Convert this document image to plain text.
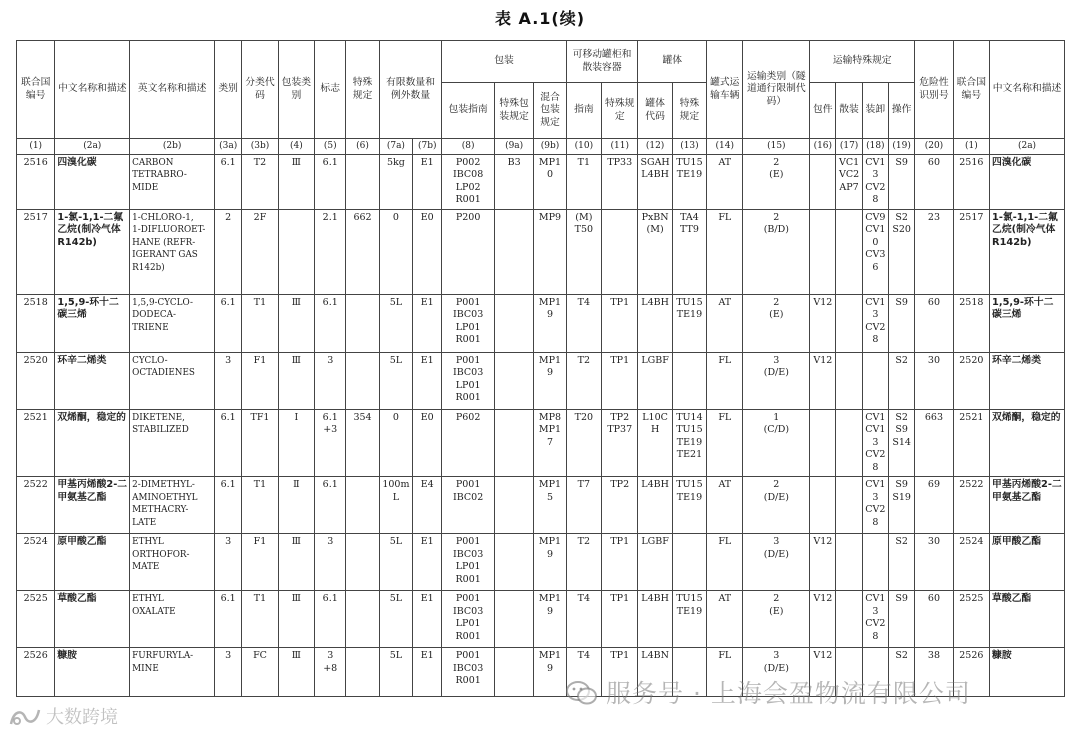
表 A.1(续)
联合国编号	中文名称和描述	英文名称和描述	类别	分类代码	包装类别	标志	特殊规定	有限数量和例外数量		包装			可移动罐柜和散装容器		罐体		罐式运输车辆	运输类别（隧道通行限制代码）	运输特殊规定				危险性识别号	联合国编号	中文名称和描述
										包装指南	特殊包装规定	混合包装规定	指南	特殊规定	罐体代码	特殊规定			包件	散装	装卸	操作			
(1)	(2a)	(2b)	(3a)	(3b)	(4)	(5)	(6)	(7a)	(7b)	(8)	(9a)	(9b)	(10)	(11)	(12)	(13)	(14)	(15)	(16)	(17)	(18)	(19)	(20)	(1)	(2a)
2516	四溴化碳	CARBON
TETRABRO-
MIDE	6.1	T2	Ⅲ	6.1		5kg	E1	P002
IBC08
LP02
R001	B3	MP10	T1	TP33	SGAH
L4BH	TU15
TE19	AT	2
(E)		VC1
VC2
AP7	CV13
CV28	S9	60	2516	四溴化碳
2517	1-氯-1,1-二氟乙烷(制冷气体 R142b)	1-CHLORO-1,
1-DIFLUOROET-
HANE (REFR-
IGERANT GAS
R142b)	2	2F		2.1	662	0	E0	P200		MP9	(M)
T50		PxBN
(M)	TA4
TT9	FL	2
(B/D)			CV9
CV10
CV36	S2
S20	23	2517	1-氯-1,1-二氟乙烷(制冷气体 R142b)
2518	1,5,9-环十二碳三烯	1,5,9-CYCLO-
DODECA-
TRIENE	6.1	T1	Ⅲ	6.1		5L	E1	P001
IBC03
LP01
R001		MP19	T4	TP1	L4BH	TU15
TE19	AT	2
(E)	V12		CV13
CV28	S9	60	2518	1,5,9-环十二碳三烯
2520	环辛二烯类	CYCLO-
OCTADIENES	3	F1	Ⅲ	3		5L	E1	P001
IBC03
LP01
R001		MP19	T2	TP1	LGBF		FL	3
(D/E)	V12			S2	30	2520	环辛二烯类
2521	双烯酮，稳定的	DIKETENE,
STABILIZED	6.1	TF1	Ⅰ	6.1
+3	354	0	E0	P602		MP8
MP17	T20	TP2
TP37	L10CH	TU14
TU15
TE19
TE21	FL	1
(C/D)			CV1
CV13
CV28	S2
S9
S14	663	2521	双烯酮，稳定的
2522	甲基丙烯酸2-二甲氨基乙酯	2-DIMETHYL-
AMINOETHYL
METHACRY-
LATE	6.1	T1	Ⅱ	6.1		100mL	E4	P001
IBC02		MP15	T7	TP2	L4BH	TU15
TE19	AT	2
(D/E)			CV13
CV28	S9
S19	69	2522	甲基丙烯酸2-二甲氨基乙酯
2524	原甲酸乙酯	ETHYL
ORTHOFOR-
MATE	3	F1	Ⅲ	3		5L	E1	P001
IBC03
LP01
R001		MP19	T2	TP1	LGBF		FL	3
(D/E)	V12			S2	30	2524	原甲酸乙酯
2525	草酸乙酯	ETHYL
OXALATE	6.1	T1	Ⅲ	6.1		5L	E1	P001
IBC03
LP01
R001		MP19	T4	TP1	L4BH	TU15
TE19	AT	2
(E)	V12		CV13
CV28	S9	60	2525	草酸乙酯
2526	糠胺	FURFURYLA-
MINE	3	FC	Ⅲ	3
+8		5L	E1	P001
IBC03
R001		MP19	T4	TP1	L4BN		FL	3
(D/E)	V12			S2	38	2526	糠胺
服务号 · 上海会盈物流有限公司
大数跨境
